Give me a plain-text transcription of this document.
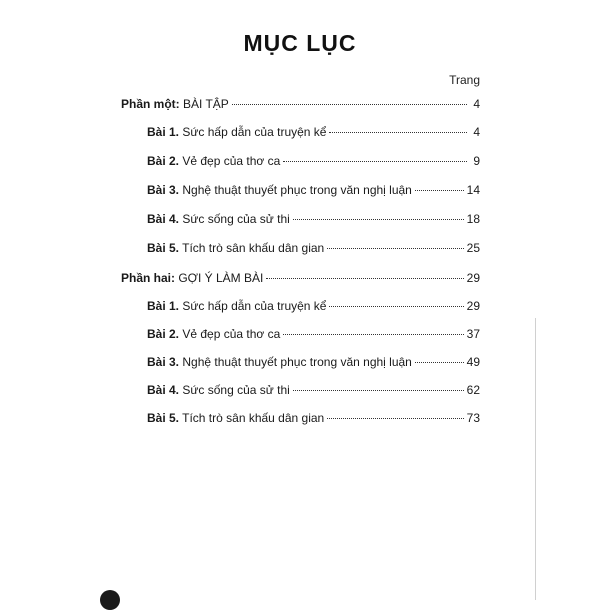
MỤC LỤC
Trang
Phần một: BÀI TẬP	4
Bài 1. Sức hấp dẫn của truyện kể	4
Bài 2. Vẻ đẹp của thơ ca	9
Bài 3. Nghệ thuật thuyết phục trong văn nghị luận	14
Bài 4. Sức sống của sử thi	18
Bài 5. Tích trò sân khấu dân gian	25
Phần hai: GỢI Ý LÀM BÀI	29
Bài 1. Sức hấp dẫn của truyện kể	29
Bài 2. Vẻ đẹp của thơ ca	37
Bài 3. Nghệ thuật thuyết phục trong văn nghị luận	49
Bài 4. Sức sống của sử thi	62
Bài 5. Tích trò sân khấu dân gian	73
